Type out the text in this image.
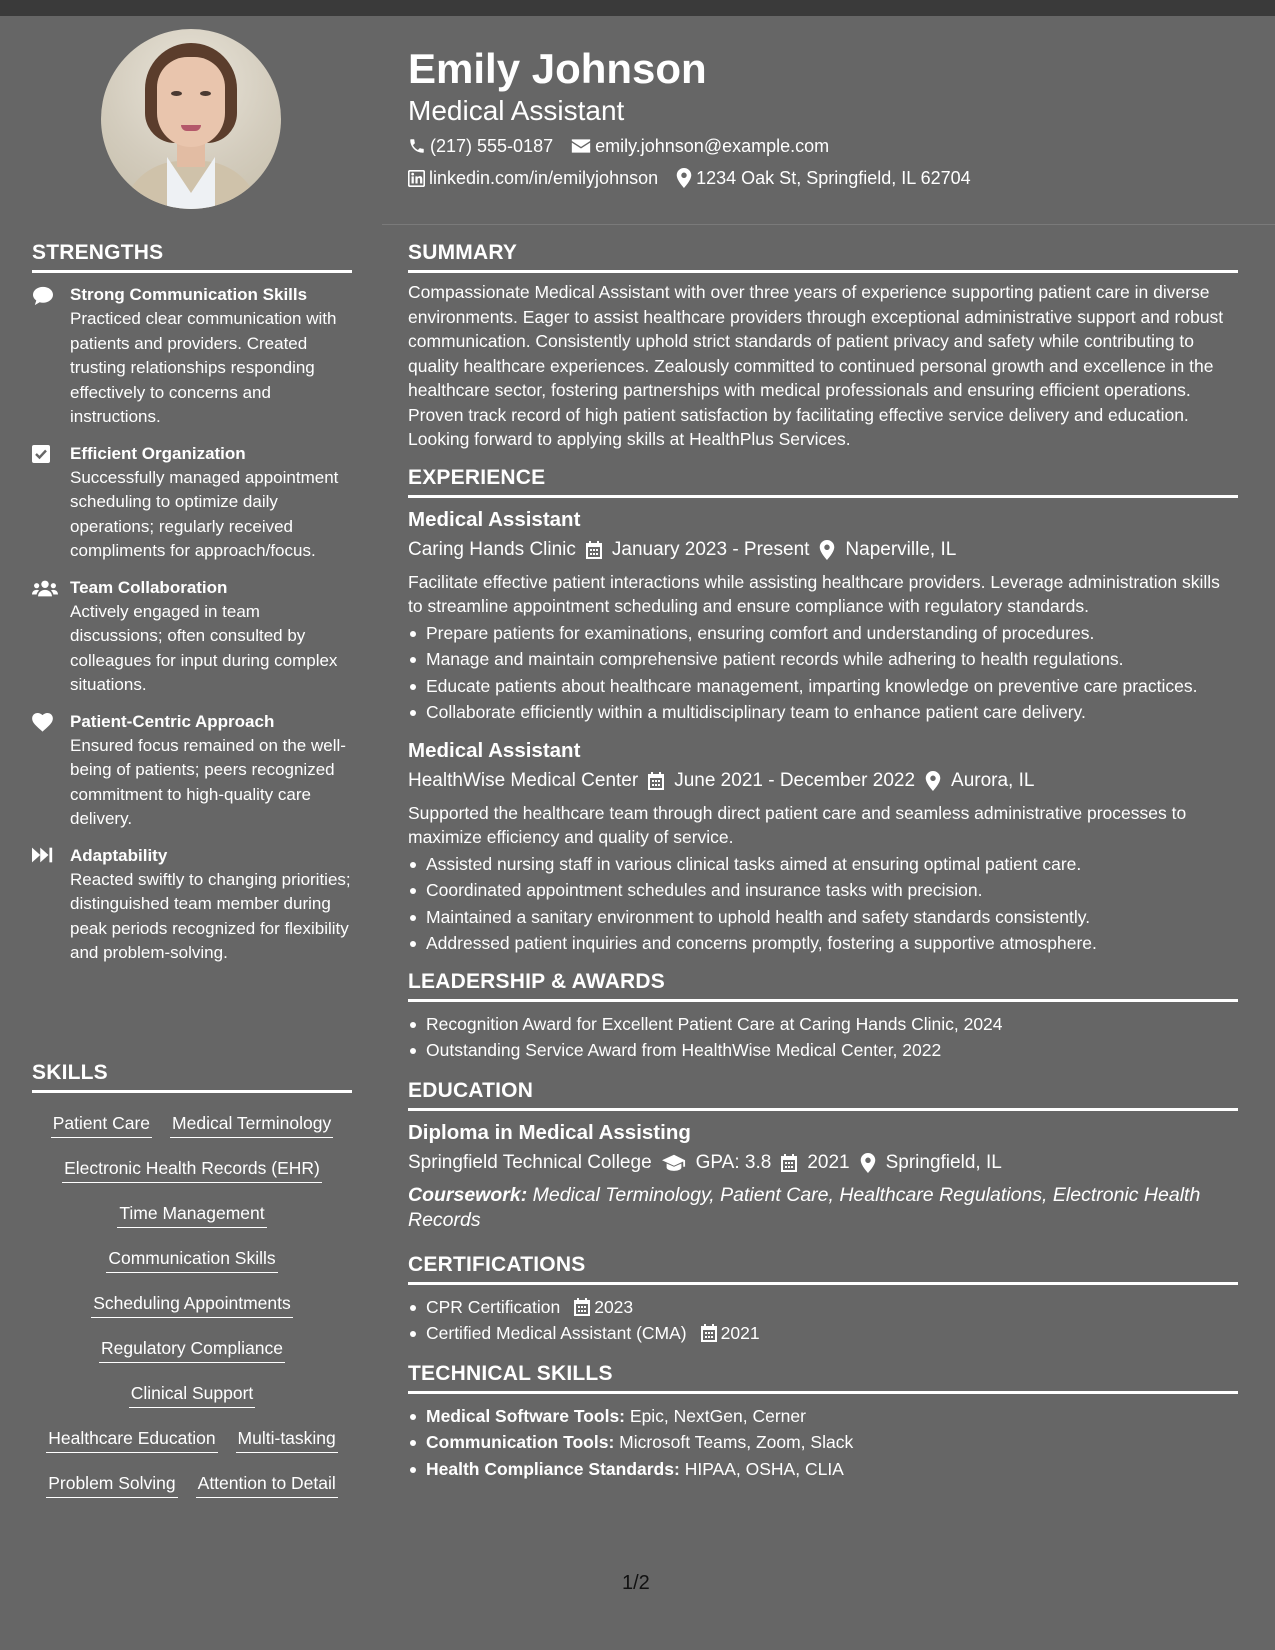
STRENGTHS
Strong Communication Skills
Practiced clear communication with patients and providers. Created trusting relationships responding effectively to concerns and instructions.
Efficient Organization
Successfully managed appointment scheduling to optimize daily operations; regularly received compliments for approach/focus.
Team Collaboration
Actively engaged in team discussions; often consulted by colleagues for input during complex situations.
Patient-Centric Approach
Ensured focus remained on the well-being of patients; peers recognized commitment to high-quality care delivery.
Adaptability
Reacted swiftly to changing priorities; distinguished team member during peak periods recognized for flexibility and problem-solving.
SKILLS
Patient Care Medical Terminology
Electronic Health Records (EHR)
Time Management
Communication Skills
Scheduling Appointments
Regulatory Compliance
Clinical Support
Healthcare Education Multi-tasking
Problem Solving Attention to Detail
Emily Johnson
Medical Assistant
(217) 555-0187 emily.johnson@example.com
linkedin.com/in/emilyjohnson 1234 Oak St, Springfield, IL 62704
SUMMARY
Compassionate Medical Assistant with over three years of experience supporting patient care in diverse environments. Eager to assist healthcare providers through exceptional administrative support and robust communication. Consistently uphold strict standards of patient privacy and safety while contributing to quality healthcare experiences. Zealously committed to continued personal growth and excellence in the healthcare sector, fostering partnerships with medical professionals and ensuring efficient operations. Proven track record of high patient satisfaction by facilitating effective service delivery and education. Looking forward to applying skills at HealthPlus Services.
EXPERIENCE
Medical Assistant
Caring Hands Clinic January 2023 - Present Naperville, IL
Facilitate effective patient interactions while assisting healthcare providers. Leverage administration skills to streamline appointment scheduling and ensure compliance with regulatory standards.
Prepare patients for examinations, ensuring comfort and understanding of procedures.
Manage and maintain comprehensive patient records while adhering to health regulations.
Educate patients about healthcare management, imparting knowledge on preventive care practices.
Collaborate efficiently within a multidisciplinary team to enhance patient care delivery.
Medical Assistant
HealthWise Medical Center June 2021 - December 2022 Aurora, IL
Supported the healthcare team through direct patient care and seamless administrative processes to maximize efficiency and quality of service.
Assisted nursing staff in various clinical tasks aimed at ensuring optimal patient care.
Coordinated appointment schedules and insurance tasks with precision.
Maintained a sanitary environment to uphold health and safety standards consistently.
Addressed patient inquiries and concerns promptly, fostering a supportive atmosphere.
LEADERSHIP & AWARDS
Recognition Award for Excellent Patient Care at Caring Hands Clinic, 2024
Outstanding Service Award from HealthWise Medical Center, 2022
EDUCATION
Diploma in Medical Assisting
Springfield Technical College GPA: 3.8 2021 Springfield, IL
Coursework: Medical Terminology, Patient Care, Healthcare Regulations, Electronic Health Records
CERTIFICATIONS
CPR Certification 2023
Certified Medical Assistant (CMA) 2021
TECHNICAL SKILLS
Medical Software Tools: Epic, NextGen, Cerner
Communication Tools: Microsoft Teams, Zoom, Slack
Health Compliance Standards: HIPAA, OSHA, CLIA
1/2
